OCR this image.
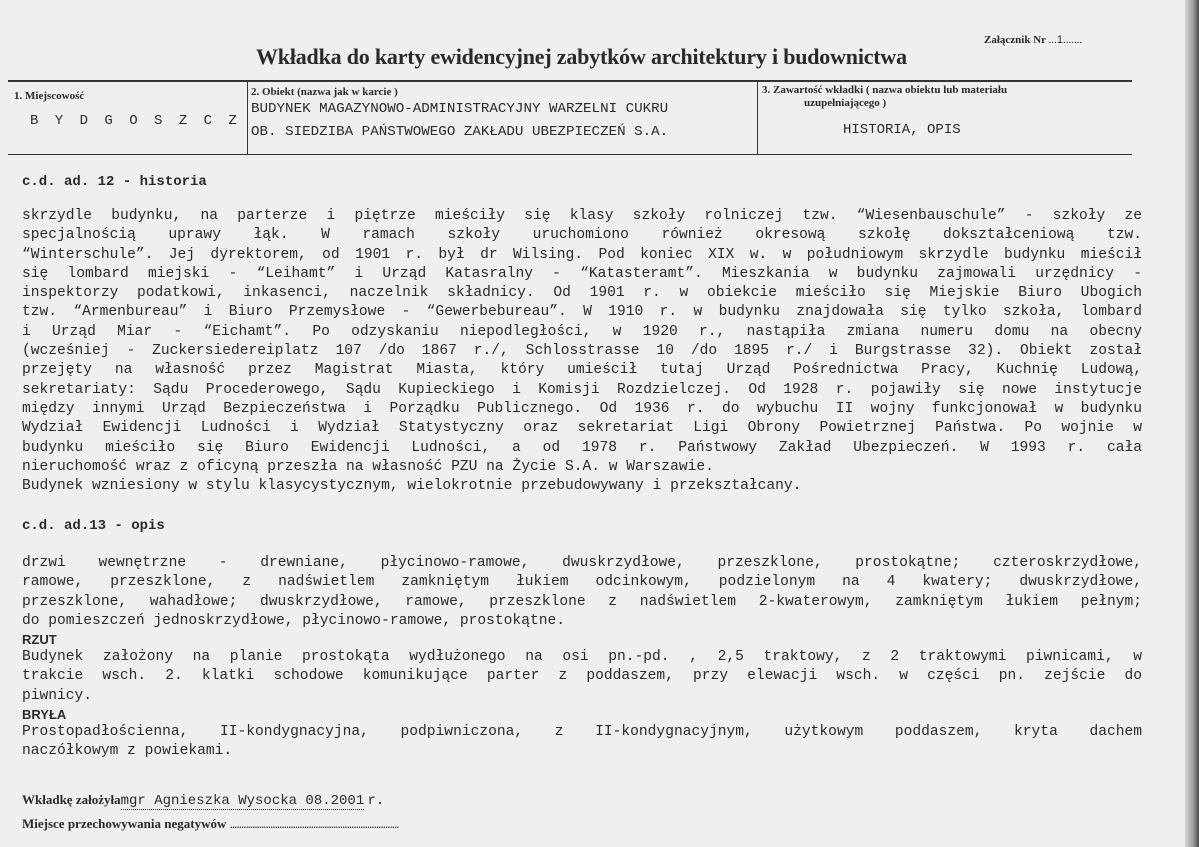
Załącznik Nr ...1.......
Wkładka do karty ewidencyjnej zabytków architektury i budownictwa
1. Miejscowość
B Y D G O S Z C Z
2. Obiekt (nazwa jak w karcie )
BUDYNEK MAGAZYNOWO-ADMINISTRACYJNY WARZELNI CUKRU
OB. SIEDZIBA PAŃSTWOWEGO ZAKŁADU UBEZPIECZEŃ S.A.
3. Zawartość wkładki ( nazwa obiektu lub materiału
uzupełniającego )
HISTORIA, OPIS
c.d. ad. 12 - historia

skrzydle budynku, na parterze i piętrze mieściły się klasy szkoły rolniczej tzw. “Wiesenbauschule” - szkoły ze

specjalnością uprawy łąk. W ramach szkoły uruchomiono również okresową szkołę dokształceniową tzw.

“Winterschule”. Jej dyrektorem, od 1901 r. był dr Wilsing. Pod koniec XIX w. w południowym skrzydle budynku mieścił

się lombard miejski - “Leihamt” i Urząd Katasralny - “Katasteramt”. Mieszkania w budynku zajmowali urzędnicy -

inspektorzy podatkowi, inkasenci, naczelnik składnicy. Od 1901 r. w obiekcie mieściło się Miejskie Biuro Ubogich

tzw. “Armenbureau” i Biuro Przemysłowe - “Gewerbebureau”. W 1910 r. w budynku znajdowała się tylko szkoła, lombard

i Urząd Miar - “Eichamt”. Po odzyskaniu niepodległości, w 1920 r., nastąpiła zmiana numeru domu na obecny

(wcześniej - Zuckersiedereiplatz 107 /do 1867 r./, Schlosstrasse 10 /do 1895 r./ i Burgstrasse 32). Obiekt został

przejęty na własność przez Magistrat Miasta, który umieścił tutaj Urząd Pośrednictwa Pracy, Kuchnię Ludową,

sekretariaty: Sądu Procederowego, Sądu Kupieckiego i Komisji Rozdzielczej. Od 1928 r. pojawiły się nowe instytucje

między innymi Urząd Bezpieczeństwa i Porządku Publicznego. Od 1936 r. do wybuchu II wojny funkcjonował w budynku

Wydział Ewidencji Ludności i Wydział Statystyczny oraz sekretariat Ligi Obrony Powietrznej Państwa. Po wojnie w

budynku mieściło się Biuro Ewidencji Ludności, a od 1978 r. Państwowy Zakład Ubezpieczeń. W 1993 r. cała

nieruchomość wraz z oficyną przeszła na własność PZU na Życie S.A. w Warszawie.

Budynek wzniesiony w stylu klasycystycznym, wielokrotnie przebudowywany i przekształcany.

c.d. ad.13 - opis

drzwi wewnętrzne - drewniane, płycinowo-ramowe, dwuskrzydłowe, przeszklone, prostokątne; czteroskrzydłowe,

ramowe, przeszklone, z nadświetlem zamkniętym łukiem odcinkowym, podzielonym na 4 kwatery; dwuskrzydłowe,

przeszklone, wahadłowe; dwuskrzydłowe, ramowe, przeszklone z nadświetlem 2-kwaterowym, zamkniętym łukiem pełnym;

do pomieszczeń jednoskrzydłowe, płycinowo-ramowe, prostokątne.

RZUT

Budynek założony na planie prostokąta wydłużonego na osi pn.-pd. , 2,5 traktowy, z 2 traktowymi piwnicami, w

trakcie wsch. 2. klatki schodowe komunikujące parter z poddaszem, przy elewacji wsch. w części pn. zejście do

piwnicy.

BRYŁA

Prostopadłościenna, II-kondygnacyjna, podpiwniczona, z II-kondygnacyjnym, użytkowym poddaszem, kryta dachem

naczółkowym z powiekami.

Wkładkę założyłamgr Agnieszka Wysocka 08.2001 r.
Miejsce przechowywania negatywów ...........................................................................
